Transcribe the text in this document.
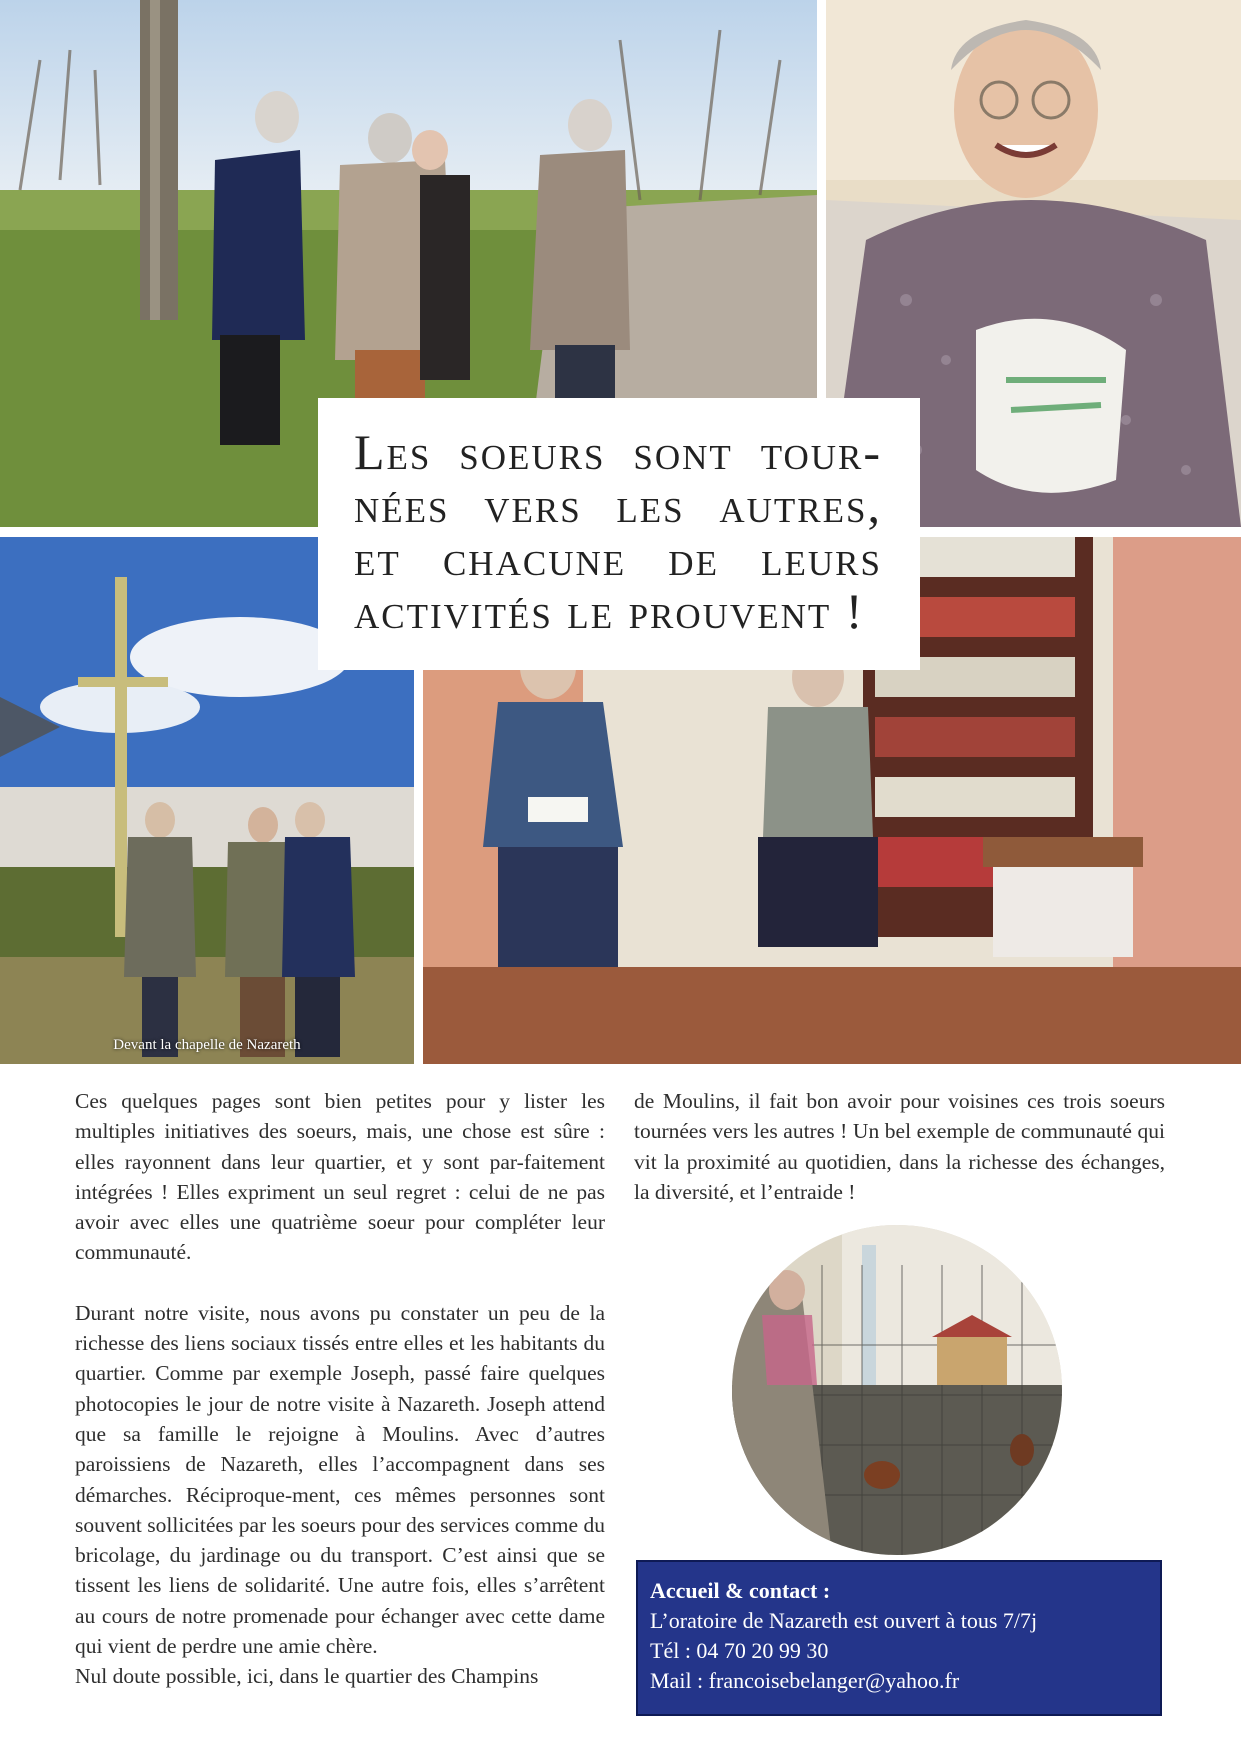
Devant la chapelle de Nazareth
Les soeurs sont tour-nées vers les autres, et chacune de leurs activités le prouvent !

Ces quelques pages sont bien petites pour y lister les multiples initiatives des soeurs, mais, une chose est sûre : elles rayonnent dans leur quartier, et y sont par-faitement intégrées ! Elles expriment un seul regret : celui de ne pas avoir avec elles une quatrième soeur pour compléter leur communauté.

Durant notre visite, nous avons pu constater un peu de la richesse des liens sociaux tissés entre elles et les habitants du quartier. Comme par exemple Joseph, passé faire quelques photocopies le jour de notre visite à Nazareth. Joseph attend que sa famille le rejoigne à Moulins. Avec d’autres paroissiens de Nazareth, elles l’accompagnent dans ses démarches. Réciproque-ment, ces mêmes personnes sont souvent sollicitées par les soeurs pour des services comme du bricolage, du jardinage ou du transport. C’est ainsi que se tissent les liens de solidarité. Une autre fois, elles s’arrêtent au cours de notre promenade pour échanger avec cette dame qui vient de perdre une amie chère.

Nul doute possible, ici, dans le quartier des Champins

de Moulins, il fait bon avoir pour voisines ces trois soeurs tournées vers les autres ! Un bel exemple de communauté qui vit la proximité au quotidien, dans la richesse des échanges, la diversité, et l’entraide !

Accueil & contact :
L’oratoire de Nazareth est ouvert à tous 7/7j
Tél : 04 70 20 99 30
Mail : francoisebelanger@yahoo.fr
